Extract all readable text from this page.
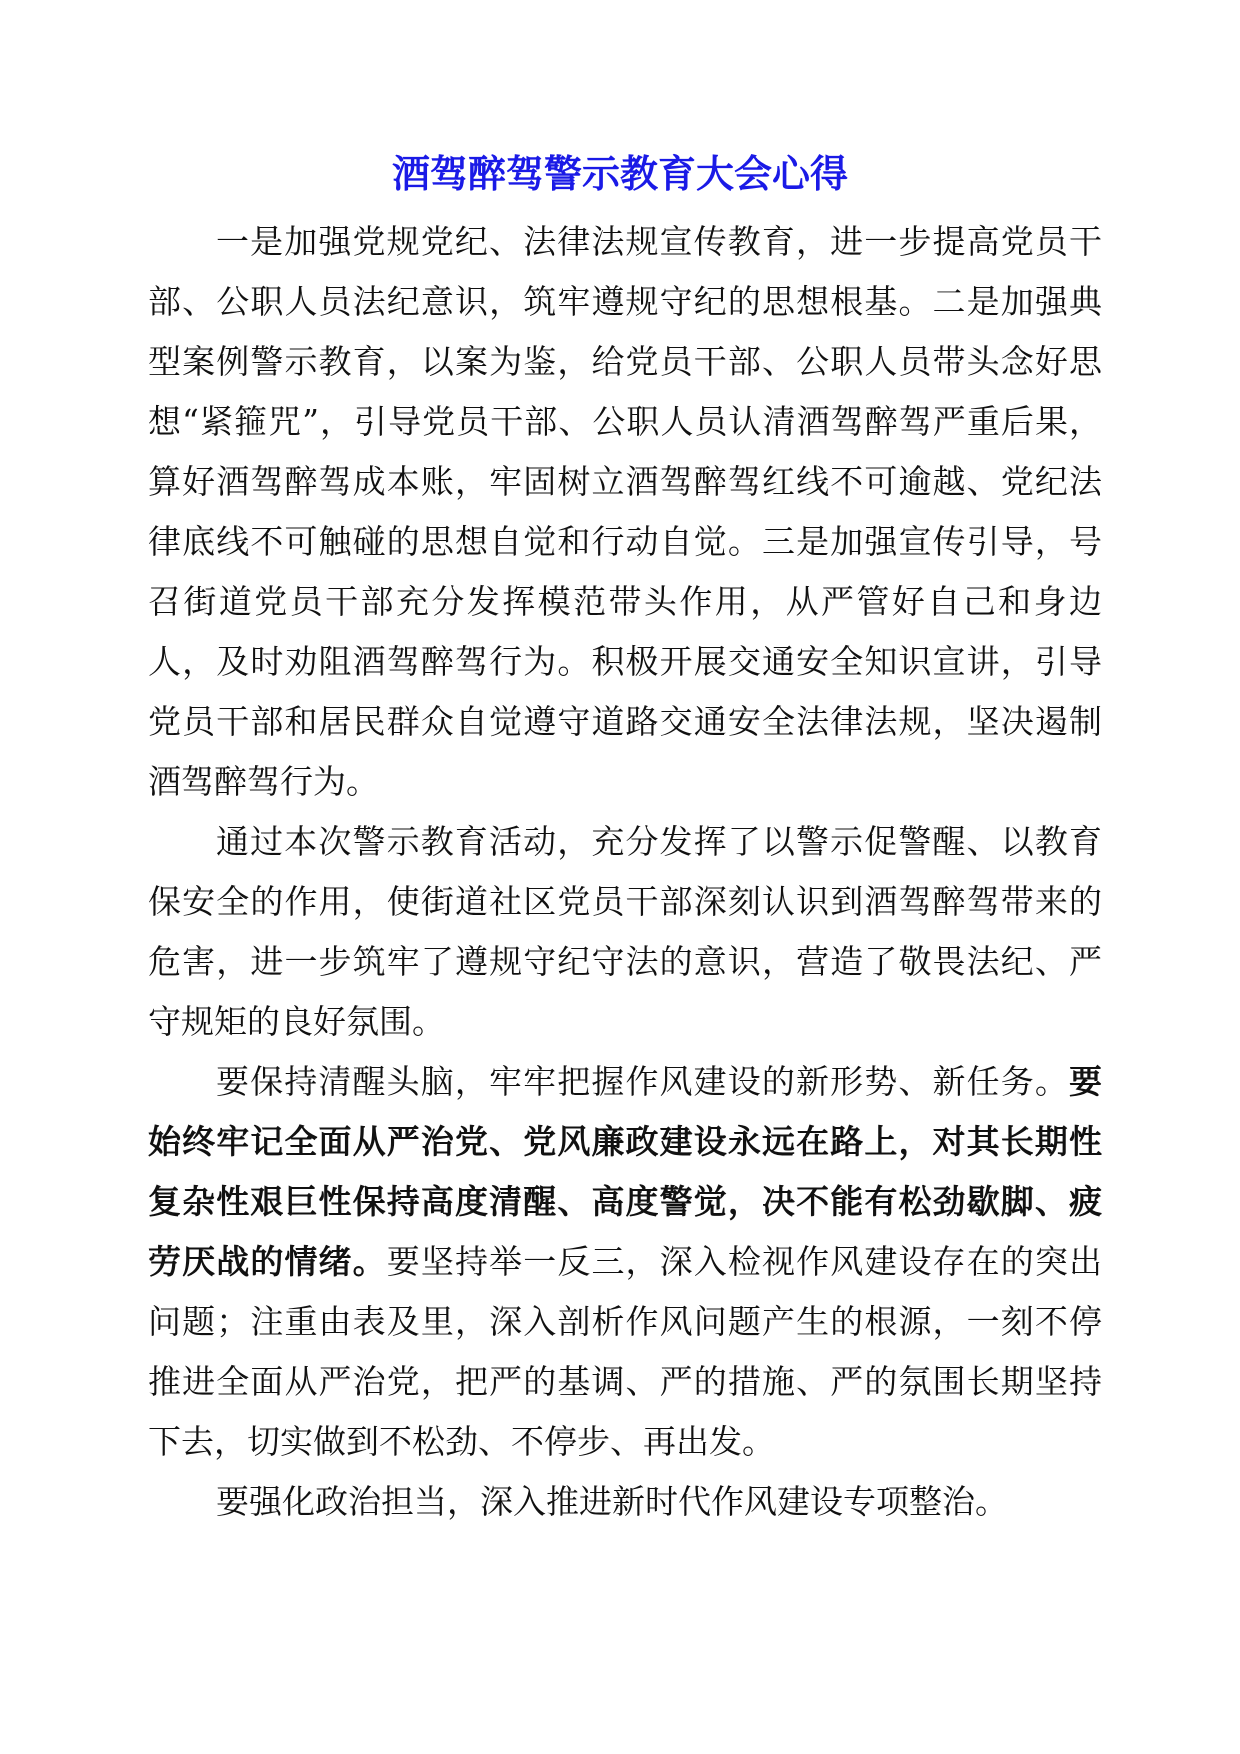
酒驾醉驾警示教育大会心得

一是加强党规党纪、法律法规宣传教育，进一步提高党员干部、公职人员法纪意识，筑牢遵规守纪的思想根基。二是加强典型案例警示教育，以案为鉴，给党员干部、公职人员带头念好思想“紧箍咒”，引导党员干部、公职人员认清酒驾醉驾严重后果，算好酒驾醉驾成本账，牢固树立酒驾醉驾红线不可逾越、党纪法律底线不可触碰的思想自觉和行动自觉。三是加强宣传引导，号召街道党员干部充分发挥模范带头作用，从严管好自己和身边人，及时劝阻酒驾醉驾行为。积极开展交通安全知识宣讲，引导党员干部和居民群众自觉遵守道路交通安全法律法规，坚决遏制酒驾醉驾行为。

通过本次警示教育活动，充分发挥了以警示促警醒、以教育保安全的作用，使街道社区党员干部深刻认识到酒驾醉驾带来的危害，进一步筑牢了遵规守纪守法的意识，营造了敬畏法纪、严守规矩的良好氛围。

要保持清醒头脑，牢牢把握作风建设的新形势、新任务。要始终牢记全面从严治党、党风廉政建设永远在路上，对其长期性复杂性艰巨性保持高度清醒、高度警觉，决不能有松劲歇脚、疲劳厌战的情绪。要坚持举一反三，深入检视作风建设存在的突出问题；注重由表及里，深入剖析作风问题产生的根源，一刻不停推进全面从严治党，把严的基调、严的措施、严的氛围长期坚持下去，切实做到不松劲、不停步、再出发。

要强化政治担当，深入推进新时代作风建设专项整治。
